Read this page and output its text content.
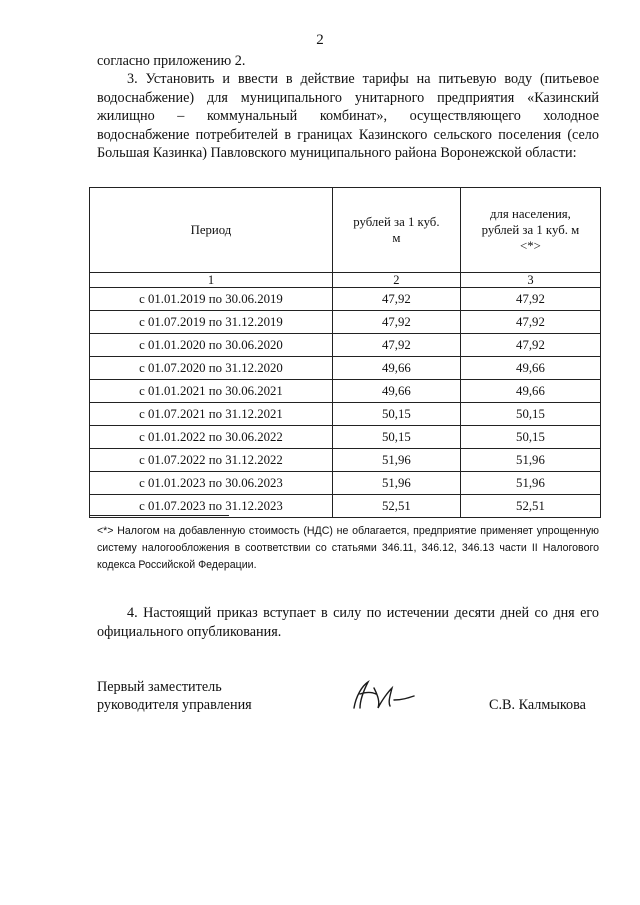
2
согласно приложению 2.
3. Установить и ввести в действие тарифы на питьевую воду (питьевое водоснабжение) для муниципального унитарного предприятия «Казинский жилищно – коммунальный комбинат», осуществляющего холодное водоснабжение потребителей в границах Казинского сельского поселения (село Большая Казинка) Павловского муниципального района Воронежской области:
Период	рублей за 1 куб. м	для населения, рублей за 1 куб. м <*>
1	2	3
с 01.01.2019 по 30.06.2019	47,92	47,92
с 01.07.2019 по 31.12.2019	47,92	47,92
с 01.01.2020 по 30.06.2020	47,92	47,92
с 01.07.2020 по 31.12.2020	49,66	49,66
с 01.01.2021 по 30.06.2021	49,66	49,66
с 01.07.2021 по 31.12.2021	50,15	50,15
с 01.01.2022 по 30.06.2022	50,15	50,15
с 01.07.2022 по 31.12.2022	51,96	51,96
с 01.01.2023 по 30.06.2023	51,96	51,96
с 01.07.2023 по 31.12.2023	52,51	52,51
<*> Налогом на добавленную стоимость (НДС) не облагается, предприятие применяет упрощенную систему налогообложения в соответствии со статьями 346.11, 346.12, 346.13 части II Налогового кодекса Российской Федерации.
4. Настоящий приказ вступает в силу по истечении десяти дней со дня его официального опубликования.
Первый заместитель
руководителя управления	С.В. Калмыкова
